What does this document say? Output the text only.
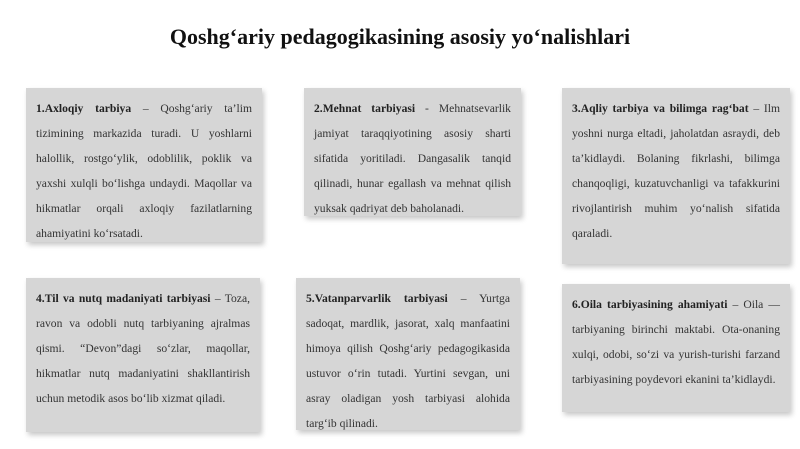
Qoshg‘ariy pedagogikasining asosiy yo‘nalishlari
1.Axloqiy tarbiya – Qoshg‘ariy ta’lim tizimining markazida turadi. U yoshlarni halollik, rostgo‘ylik, odoblilik, poklik va yaxshi xulqli bo‘lishga undaydi. Maqollar va hikmatlar orqali axloqiy fazilatlarning ahamiyatini ko‘rsatadi.
2.Mehnat tarbiyasi - Mehnatsevarlik jamiyat taraqqiyotining asosiy sharti sifatida yoritiladi. Dangasalik tanqid qilinadi, hunar egallash va mehnat qilish yuksak qadriyat deb baholanadi.
3.Aqliy tarbiya va bilimga rag‘bat – Ilm yoshni nurga eltadi, jaholatdan asraydi, deb ta’kidlaydi. Bolaning fikrlashi, bilimga chanqoqligi, kuzatuvchanligi va tafakkurini rivojlantirish muhim yo‘nalish sifatida qaraladi.
4.Til va nutq madaniyati tarbiyasi – Toza, ravon va odobli nutq tarbiyaning ajralmas qismi. “Devon”dagi so‘zlar, maqollar, hikmatlar nutq madaniyatini shakllantirish uchun metodik asos bo‘lib xizmat qiladi.
5.Vatanparvarlik tarbiyasi – Yurtga sadoqat, mardlik, jasorat, xalq manfaatini himoya qilish Qoshg‘ariy pedagogikasida ustuvor o‘rin tutadi. Yurtini sevgan, uni asray oladigan yosh tarbiyasi alohida targ‘ib qilinadi.
6.Oila tarbiyasining ahamiyati – Oila — tarbiyaning birinchi maktabi. Ota-onaning xulqi, odobi, so‘zi va yurish-turishi farzand tarbiyasining poydevori ekanini ta’kidlaydi.
